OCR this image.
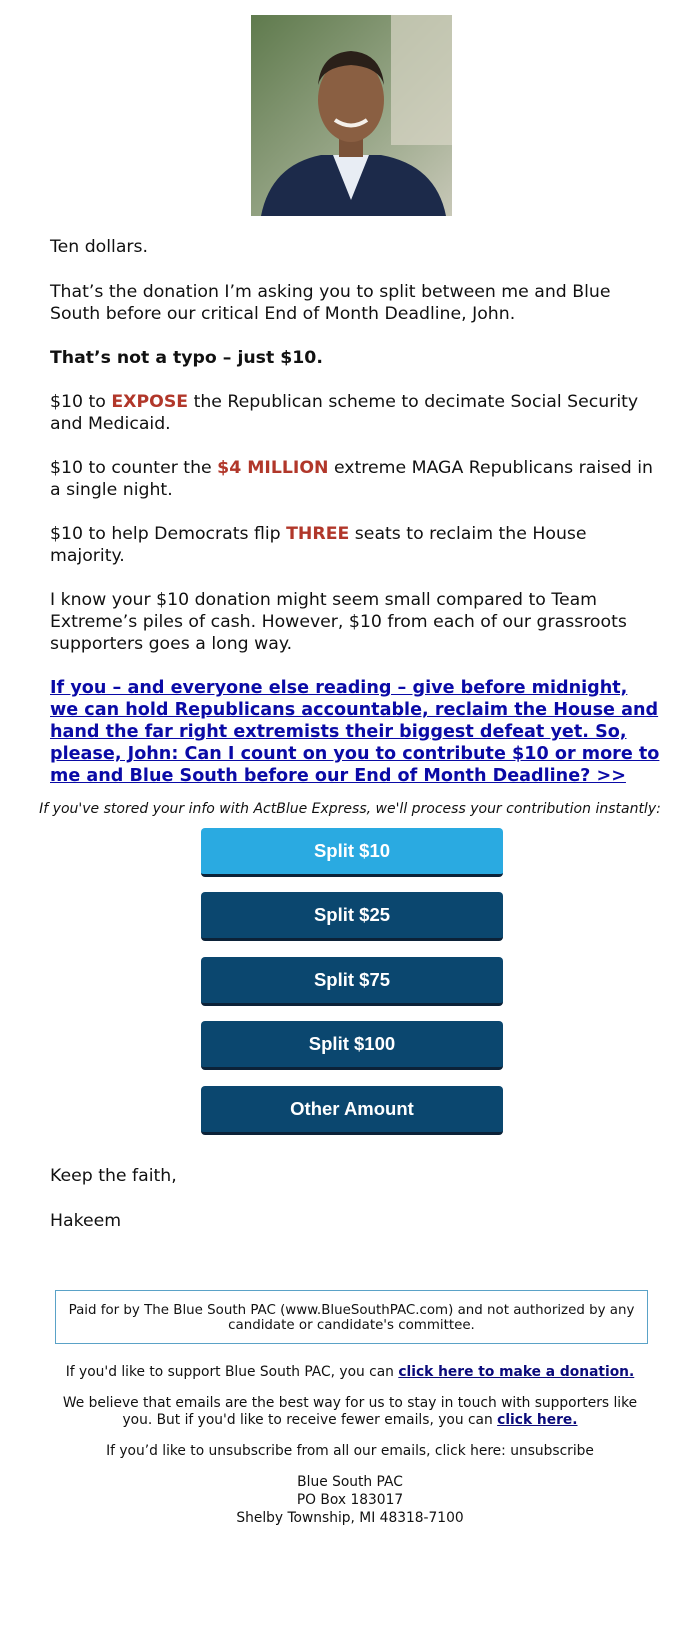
Ten dollars.

That’s the donation I’m asking you to split between me and Blue South before our critical End of Month Deadline, John.

That’s not a typo – just $10.

$10 to EXPOSE the Republican scheme to decimate Social Security and Medicaid.

$10 to counter the $4 MILLION extreme MAGA Republicans raised in a single night.

$10 to help Democrats flip THREE seats to reclaim the House majority.

I know your $10 donation might seem small compared to Team Extreme’s piles of cash. However, $10 from each of our grassroots supporters goes a long way.

If you – and everyone else reading – give before midnight, we can hold Republicans accountable, reclaim the House and hand the far right extremists their biggest defeat yet. So, please, John: Can I count on you to contribute $10 or more to me and Blue South before our End of Month Deadline? >>

If you've stored your info with ActBlue Express, we'll process your contribution instantly:
Split $10
Split $25
Split $75
Split $100
Other Amount
Keep the faith,
Hakeem
Paid for by The Blue South PAC (www.BlueSouthPAC.com) and not authorized by any candidate or candidate's committee.
If you'd like to support Blue South PAC, you can click here to make a donation.
We believe that emails are the best way for us to stay in touch with supporters like you. But if you'd like to receive fewer emails, you can click here.
If you’d like to unsubscribe from all our emails, click here: unsubscribe
Blue South PAC
PO Box 183017
Shelby Township, MI 48318-7100
